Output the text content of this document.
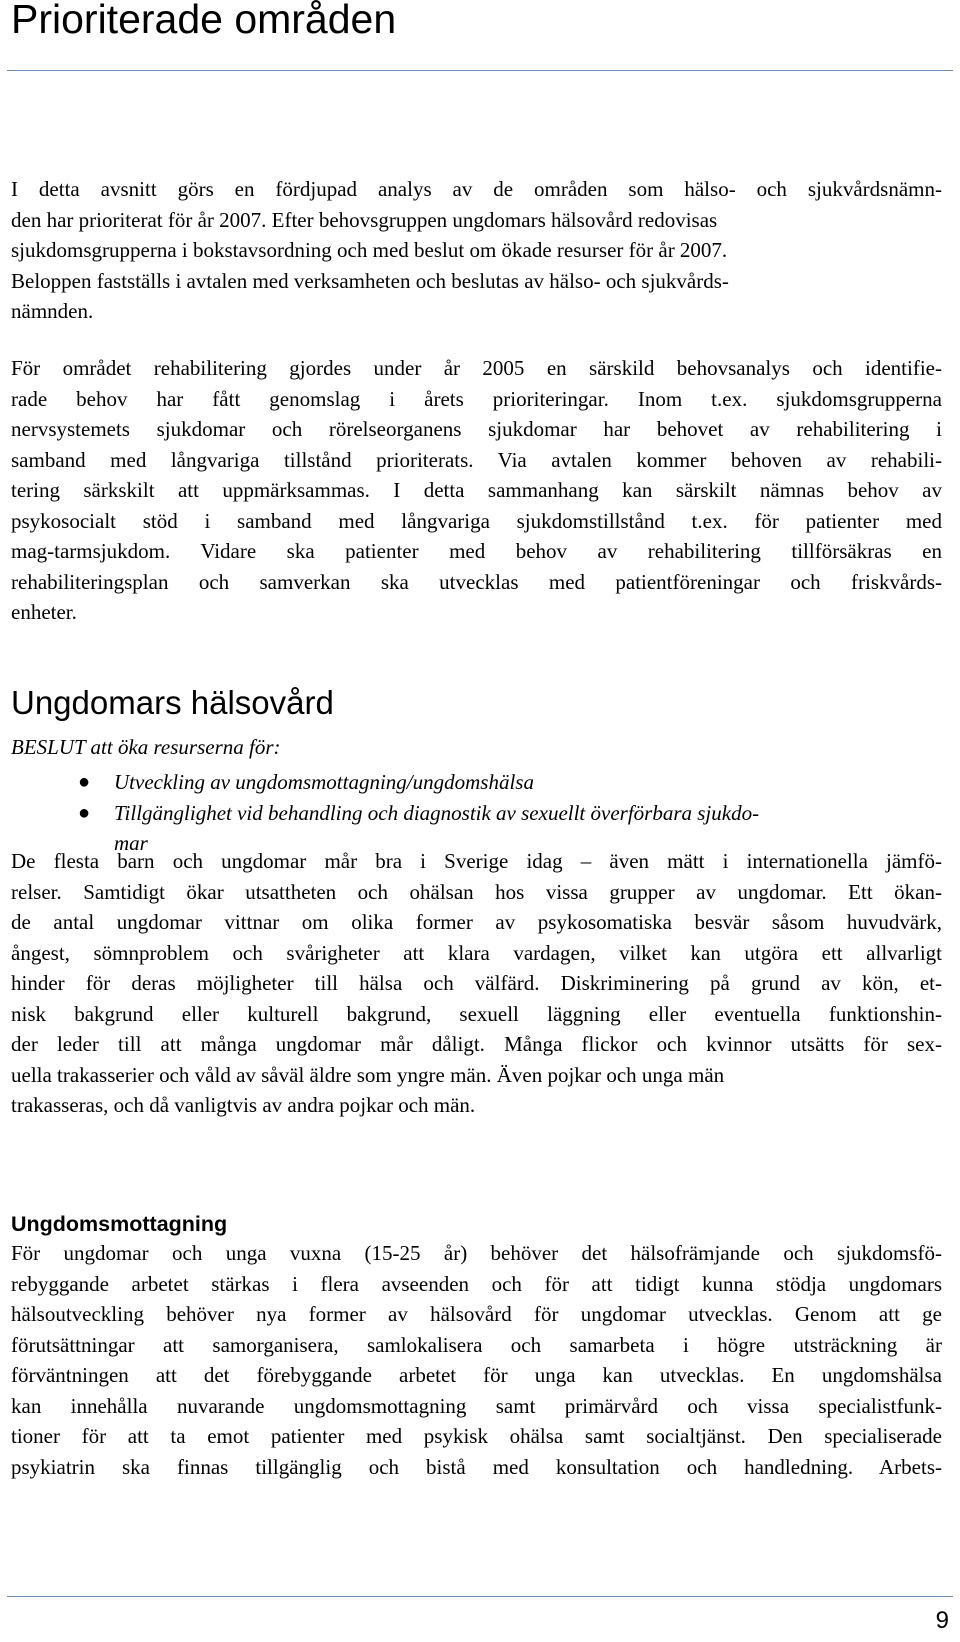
Prioriterade områden
I detta avsnitt görs en fördjupad analys av de områden som hälso- och sjukvårdsnämn-
den har prioriterat för år 2007. Efter behovsgruppen ungdomars hälsovård redovisas
sjukdomsgrupperna i bokstavsordning och med beslut om ökade resurser för år 2007.
Beloppen fastställs i avtalen med verksamheten och beslutas av hälso- och sjukvårds-
nämnden.
För området rehabilitering gjordes under år 2005 en särskild behovsanalys och identifie-
rade behov har fått genomslag i årets prioriteringar. Inom t.ex. sjukdomsgrupperna
nervsystemets sjukdomar och rörelseorganens sjukdomar har behovet av rehabilitering i
samband med långvariga tillstånd prioriterats. Via avtalen kommer behoven av rehabili-
tering särkskilt att uppmärksammas. I detta sammanhang kan särskilt nämnas behov av
psykosocialt stöd i samband med långvariga sjukdomstillstånd t.ex. för patienter med
mag-tarmsjukdom. Vidare ska patienter med behov av rehabilitering tillförsäkras en
rehabiliteringsplan och samverkan ska utvecklas med patientföreningar och friskvårds-
enheter.
Ungdomars hälsovård

BESLUT att öka resurserna för:

● Utveckling av ungdomsmottagning/ungdomshälsa
● Tillgänglighet vid behandling och diagnostik av sexuellt överförbara sjukdo-
mar
De flesta barn och ungdomar mår bra i Sverige idag – även mätt i internationella jämfö-
relser. Samtidigt ökar utsattheten och ohälsan hos vissa grupper av ungdomar. Ett ökan-
de antal ungdomar vittnar om olika former av psykosomatiska besvär såsom huvudvärk,
ångest, sömnproblem och svårigheter att klara vardagen, vilket kan utgöra ett allvarligt
hinder för deras möjligheter till hälsa och välfärd. Diskriminering på grund av kön, et-
nisk bakgrund eller kulturell bakgrund, sexuell läggning eller eventuella funktionshin-
der leder till att många ungdomar mår dåligt. Många flickor och kvinnor utsätts för sex-
uella trakasserier och våld av såväl äldre som yngre män. Även pojkar och unga män
trakasseras, och då vanligtvis av andra pojkar och män.
Ungdomsmottagning
För ungdomar och unga vuxna (15-25 år) behöver det hälsofrämjande och sjukdomsfö-
rebyggande arbetet stärkas i flera avseenden och för att tidigt kunna stödja ungdomars
hälsoutveckling behöver nya former av hälsovård för ungdomar utvecklas. Genom att ge
förutsättningar att samorganisera, samlokalisera och samarbeta i högre utsträckning är
förväntningen att det förebyggande arbetet för unga kan utvecklas. En ungdomshälsa
kan innehålla nuvarande ungdomsmottagning samt primärvård och vissa specialistfunk-
tioner för att ta emot patienter med psykisk ohälsa samt socialtjänst. Den specialiserade
psykiatrin ska finnas tillgänglig och bistå med konsultation och handledning. Arbets-
9
